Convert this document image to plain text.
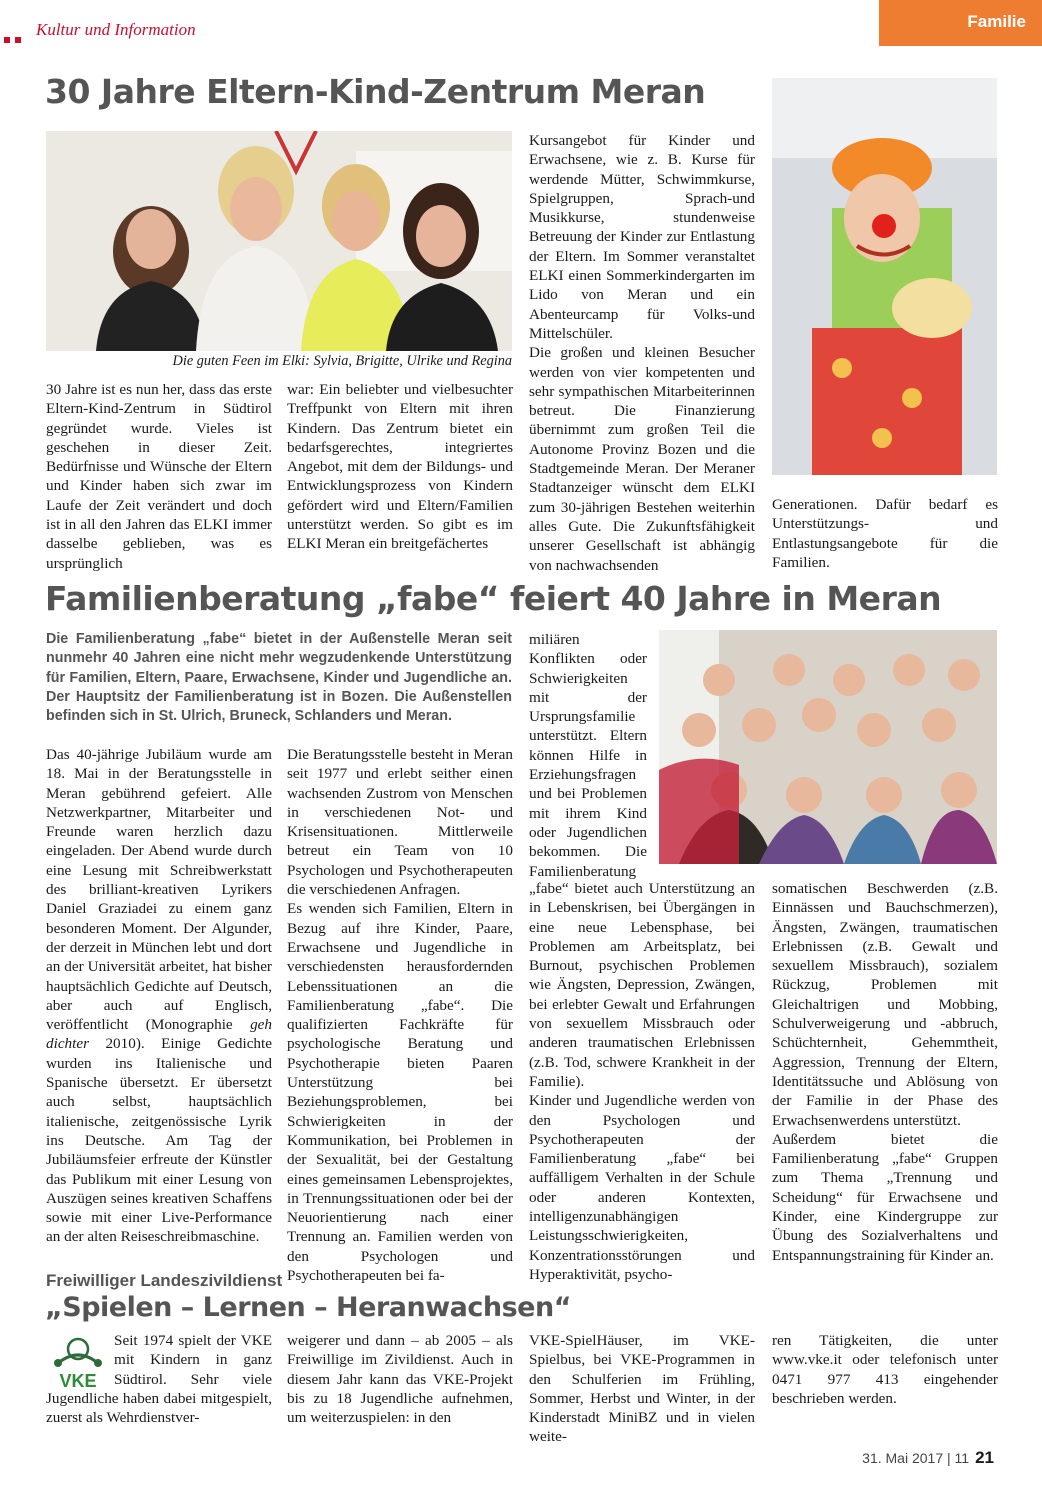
Kultur und Information	Familie
30 Jahre Eltern-Kind-Zentrum Meran
Die guten Feen im Elki: Sylvia, Brigitte, Ulrike und Regina

30 Jahre ist es nun her, dass das erste Eltern-Kind-Zentrum in Südtirol gegründet wurde. Vieles ist geschehen in dieser Zeit. Bedürfnisse und Wünsche der Eltern und Kinder haben sich zwar im Laufe der Zeit verändert und doch ist in all den Jahren das ELKI immer dasselbe geblieben, was es ursprünglich

war: Ein beliebter und vielbesuchter Treffpunkt von Eltern mit ihren Kindern. Das Zentrum bietet ein bedarfsgerechtes, integriertes Angebot, mit dem der Bildungs- und Entwicklungsprozess von Kindern gefördert wird und Eltern/Familien unterstützt werden. So gibt es im ELKI Meran ein breitgefächertes

Kursangebot für Kinder und Erwachsene, wie z. B. Kurse für werdende Mütter, Schwimmkurse, Spielgruppen, Sprach-und Musikkurse, stundenweise Betreuung der Kinder zur Entlastung der Eltern. Im Sommer veranstaltet ELKI einen Sommerkindergarten im Lido von Meran und ein Abenteurcamp für Volks-und Mittelschüler.

Die großen und kleinen Besucher werden von vier kompetenten und sehr sympathischen Mitarbeiterinnen betreut. Die Finanzierung übernimmt zum großen Teil die Autonome Provinz Bozen und die Stadtgemeinde Meran. Der Meraner Stadtanzeiger wünscht dem ELKI zum 30-jährigen Bestehen weiterhin alles Gute. Die Zukunftsfähigkeit unserer Gesellschaft ist abhängig von nachwachsenden

Generationen. Dafür bedarf es Unterstützungs- und Entlastungsangebote für die Familien.

Familienberatung „fabe“ feiert 40 Jahre in Meran
Die Familienberatung „fabe“ bietet in der Außenstelle Meran seit nunmehr 40 Jahren eine nicht mehr wegzudenkende Unterstützung für Familien, Eltern, Paare, Erwachsene, Kinder und Jugendliche an. Der Hauptsitz der Familienberatung ist in Bozen. Die Außenstellen befinden sich in St. Ulrich, Bruneck, Schlanders und Meran.

Das 40-jährige Jubiläum wurde am 18. Mai in der Beratungsstelle in Meran gebührend gefeiert. Alle Netzwerkpartner, Mitarbeiter und Freunde waren herzlich dazu eingeladen. Der Abend wurde durch eine Lesung mit Schreibwerkstatt des brilliant-kreativen Lyrikers Daniel Graziadei zu einem ganz besonderen Moment. Der Algunder, der derzeit in München lebt und dort an der Universität arbeitet, hat bisher hauptsächlich Gedichte auf Deutsch, aber auch auf Englisch, veröffentlicht (Monographie geh dichter 2010). Einige Gedichte wurden ins Italienische und Spanische übersetzt. Er übersetzt auch selbst, hauptsächlich italienische, zeitgenössische Lyrik ins Deutsche. Am Tag der Jubiläumsfeier erfreute der Künstler das Publikum mit einer Lesung von Auszügen seines kreativen Schaffens sowie mit einer Live-Performance an der alten Reiseschreibmaschine.

Die Beratungsstelle besteht in Meran seit 1977 und erlebt seither einen wachsenden Zustrom von Menschen in verschiedenen Not- und Krisensituationen. Mittlerweile betreut ein Team von 10 Psychologen und Psychotherapeuten die verschiedenen Anfragen.

Es wenden sich Familien, Eltern in Bezug auf ihre Kinder, Paare, Erwachsene und Jugendliche in verschiedensten herausfordernden Lebenssituationen an die Familienberatung „fabe“. Die qualifizierten Fachkräfte für psychologische Beratung und Psychotherapie bieten Paaren Unterstützung bei Beziehungsproblemen, bei Schwierigkeiten in der Kommunikation, bei Problemen in der Sexualität, bei der Gestaltung eines gemeinsamen Lebensprojektes, in Trennungssituationen oder bei der Neuorientierung nach einer Trennung an. Familien werden von den Psychologen und Psychotherapeuten bei fa-

miliären Konflikten oder Schwierigkeiten mit der Ursprungsfamilie unterstützt. Eltern können Hilfe in Erziehungsfragen und bei Problemen mit ihrem Kind oder Jugendlichen bekommen. Die Familienberatung

„fabe“ bietet auch Unterstützung an in Lebenskrisen, bei Übergängen in eine neue Lebensphase, bei Problemen am Arbeitsplatz, bei Burnout, psychischen Problemen wie Ängsten, Depression, Zwängen, bei erlebter Gewalt und Erfahrungen von sexuellem Missbrauch oder anderen traumatischen Erlebnissen (z.B. Tod, schwere Krankheit in der Familie).

Kinder und Jugendliche werden von den Psychologen und Psychotherapeuten der Familienberatung „fabe“ bei auffälligem Verhalten in der Schule oder anderen Kontexten, intelligenzunabhängigen Leistungsschwierigkeiten, Konzentrationsstörungen und Hyperaktivität, psycho-

somatischen Beschwerden (z.B. Einnässen und Bauchschmerzen), Ängsten, Zwängen, traumatischen Erlebnissen (z.B. Gewalt und sexuellem Missbrauch), sozialem Rückzug, Problemen mit Gleichaltrigen und Mobbing, Schulverweigerung und -abbruch, Schüchternheit, Gehemmtheit, Aggression, Trennung der Eltern, Identitätssuche und Ablösung von der Familie in der Phase des Erwachsenwerdens unterstützt.

Außerdem bietet die Familienberatung „fabe“ Gruppen zum Thema „Trennung und Scheidung“ für Erwachsene und Kinder, eine Kindergruppe zur Übung des Sozialverhaltens und Entspannungstraining für Kinder an.

Freiwilliger Landeszivildienst
„Spielen – Lernen – Heranwachsen“
VKE

Seit 1974 spielt der VKE mit Kindern in ganz Südtirol. Sehr viele Jugendliche haben dabei mitgespielt, zuerst als Wehrdienstver-

weigerer und dann – ab 2005 – als Freiwillige im Zivildienst. Auch in diesem Jahr kann das VKE-Projekt bis zu 18 Jugendliche aufnehmen, um weiterzuspielen: in den

VKE-SpielHäuser, im VKE-Spielbus, bei VKE-Programmen in den Schulferien im Frühling, Sommer, Herbst und Winter, in der Kinderstadt MiniBZ und in vielen weite-

ren Tätigkeiten, die unter www.vke.it oder telefonisch unter 0471 977 413 eingehender beschrieben werden.

31. Mai 2017 | 11 21
